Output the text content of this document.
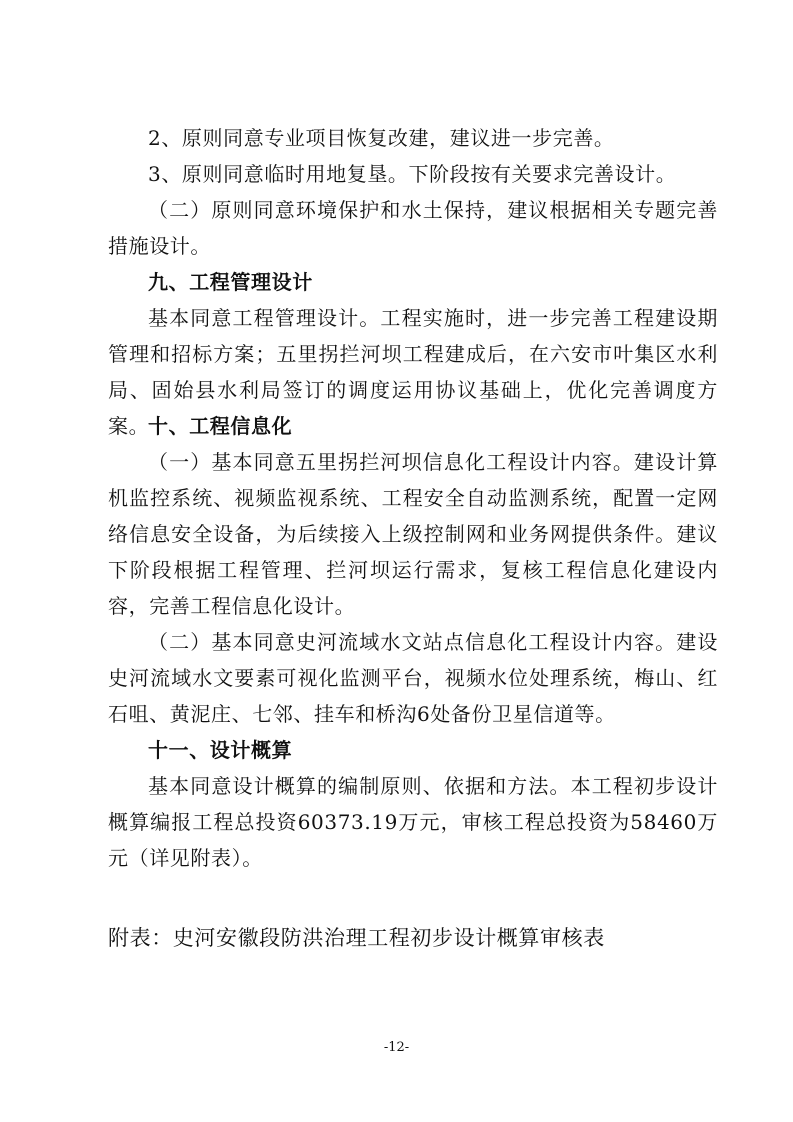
2、原则同意专业项目恢复改建，建议进一步完善。
3、原则同意临时用地复垦。下阶段按有关要求完善设计。
（二）原则同意环境保护和水土保持，建议根据相关专题完善措施设计。
九、工程管理设计
基本同意工程管理设计。工程实施时，进一步完善工程建设期管理和招标方案；五里拐拦河坝工程建成后，在六安市叶集区水利局、固始县水利局签订的调度运用协议基础上，优化完善调度方案。
十、工程信息化
（一）基本同意五里拐拦河坝信息化工程设计内容。建设计算机监控系统、视频监视系统、工程安全自动监测系统，配置一定网络信息安全设备，为后续接入上级控制网和业务网提供条件。建议下阶段根据工程管理、拦河坝运行需求，复核工程信息化建设内容，完善工程信息化设计。
（二）基本同意史河流域水文站点信息化工程设计内容。建设史河流域水文要素可视化监测平台，视频水位处理系统，梅山、红石咀、黄泥庄、七邻、挂车和桥沟6处备份卫星信道等。
十一、设计概算
基本同意设计概算的编制原则、依据和方法。本工程初步设计概算编报工程总投资60373.19万元，审核工程总投资为58460万元（详见附表）。
附表：史河安徽段防洪治理工程初步设计概算审核表
-12-
